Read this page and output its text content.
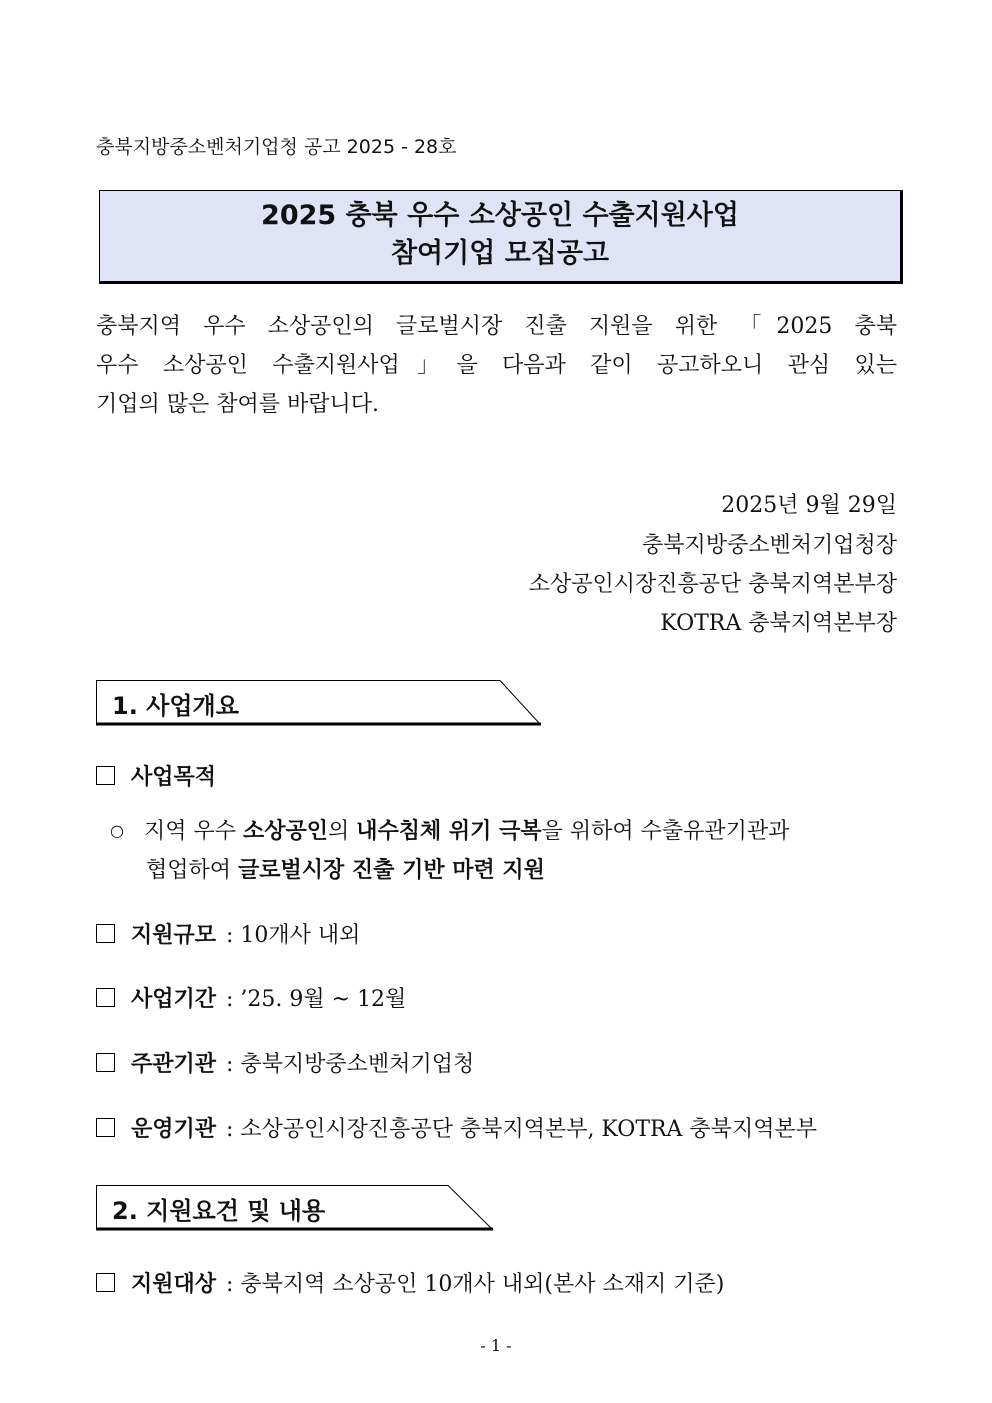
충북지방중소벤처기업청 공고 2025 - 28호
2025 충북 우수 소상공인 수출지원사업
참여기업 모집공고
충북지역 우수 소상공인의 글로벌시장 진출 지원을 위한 「2025 충북
우수 소상공인 수출지원사업」을 다음과 같이 공고하오니 관심 있는
기업의 많은 참여를 바랍니다.
2025년 9월 29일
충북지방중소벤처기업청장
소상공인시장진흥공단 충북지역본부장
KOTRA 충북지역본부장
1. 사업개요
사업목적
○ 지역 우수 소상공인의 내수침체 위기 극복을 위하여 수출유관기관과
협업하여 글로벌시장 진출 기반 마련 지원
지원규모 : 10개사 내외
사업기간 : ’25. 9월 ~ 12월
주관기관 : 충북지방중소벤처기업청
운영기관 : 소상공인시장진흥공단 충북지역본부, KOTRA 충북지역본부
2. 지원요건 및 내용
지원대상 : 충북지역 소상공인 10개사 내외(본사 소재지 기준)
- 1 -
